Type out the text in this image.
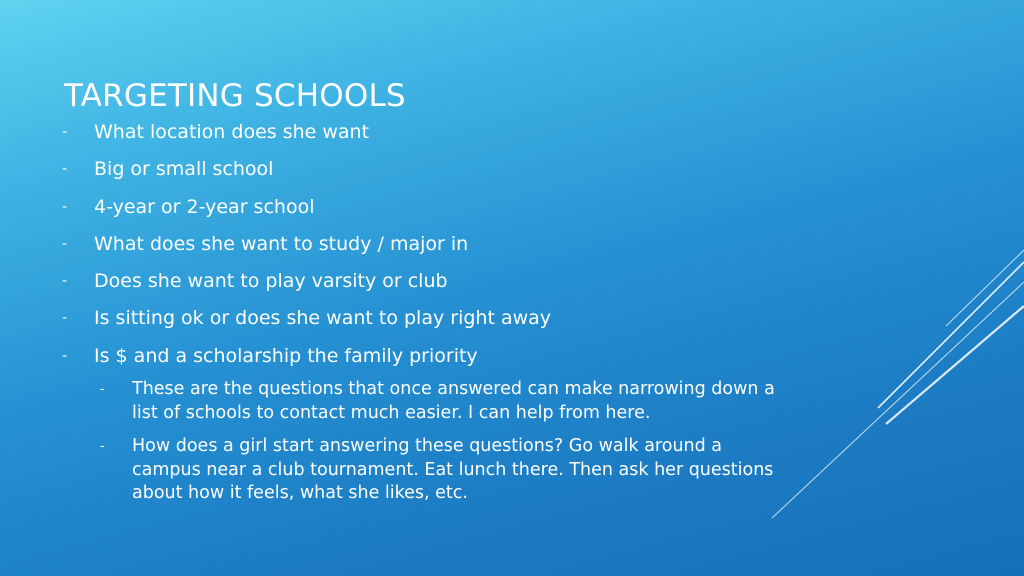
TARGETING SCHOOLS
- What location does she want
- Big or small school
- 4-year or 2-year school
- What does she want to study / major in
- Does she want to play varsity or club
- Is sitting ok or does she want to play right away
- Is $ and a scholarship the family priority
- These are the questions that once answered can make narrowing down a list of schools to contact much easier. I can help from here.
- How does a girl start answering these questions? Go walk around a campus near a club tournament. Eat lunch there. Then ask her questions about how it feels, what she likes, etc.
